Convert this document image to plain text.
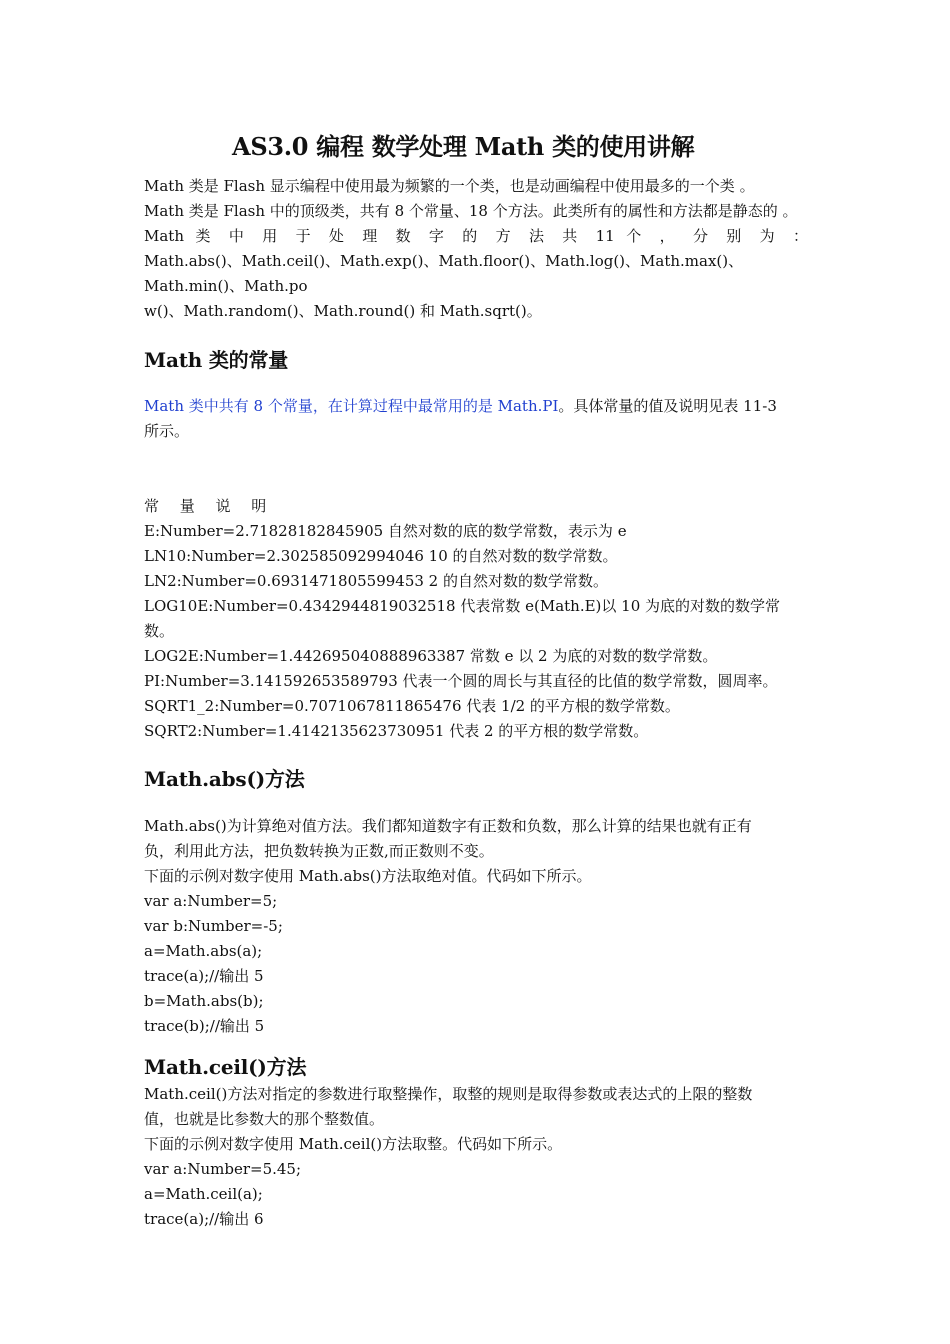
AS3.0 编程 数学处理 Math 类的使用讲解

Math 类是 Flash 显示编程中使用最为频繁的一个类，也是动画编程中使用最多的一个类 。

Math 类是 Flash 中的顶级类，共有 8 个常量、18 个方法。此类所有的属性和方法都是静态的 。

Math 类 中 用 于 处 理 数 字 的 方 法 共 11 个 ， 分 别 为 ：

Math.abs()、Math.ceil()、Math.exp()、Math.floor()、Math.log()、Math.max()、Math.min()、Math.po

w()、Math.random()、Math.round() 和 Math.sqrt()。

Math 类的常量

Math 类中共有 8 个常量，在计算过程中最常用的是 Math.PI。具体常量的值及说明见表 11-3

所示。

常 量 说 明

E:Number=2.71828182845905 自然对数的底的数学常数，表示为 e

LN10:Number=2.302585092994046 10 的自然对数的数学常数。

LN2:Number=0.6931471805599453 2 的自然对数的数学常数。

LOG10E:Number=0.4342944819032518 代表常数 e(Math.E)以 10 为底的对数的数学常数。

LOG2E:Number=1.442695040888963387 常数 e 以 2 为底的对数的数学常数。

PI:Number=3.141592653589793 代表一个圆的周长与其直径的比值的数学常数，圆周率。

SQRT1_2:Number=0.7071067811865476 代表 1/2 的平方根的数学常数。

SQRT2:Number=1.4142135623730951 代表 2 的平方根的数学常数。

Math.abs()方法

Math.abs()为计算绝对值方法。我们都知道数字有正数和负数，那么计算的结果也就有正有

负，利用此方法，把负数转换为正数,而正数则不变。

下面的示例对数字使用 Math.abs()方法取绝对值。代码如下所示。

var a:Number=5;

var b:Number=-5;

a=Math.abs(a);

trace(a);//输出 5

b=Math.abs(b);

trace(b);//输出 5

Math.ceil()方法

Math.ceil()方法对指定的参数进行取整操作，取整的规则是取得参数或表达式的上限的整数

值，也就是比参数大的那个整数值。

下面的示例对数字使用 Math.ceil()方法取整。代码如下所示。

var a:Number=5.45;

a=Math.ceil(a);

trace(a);//输出 6
